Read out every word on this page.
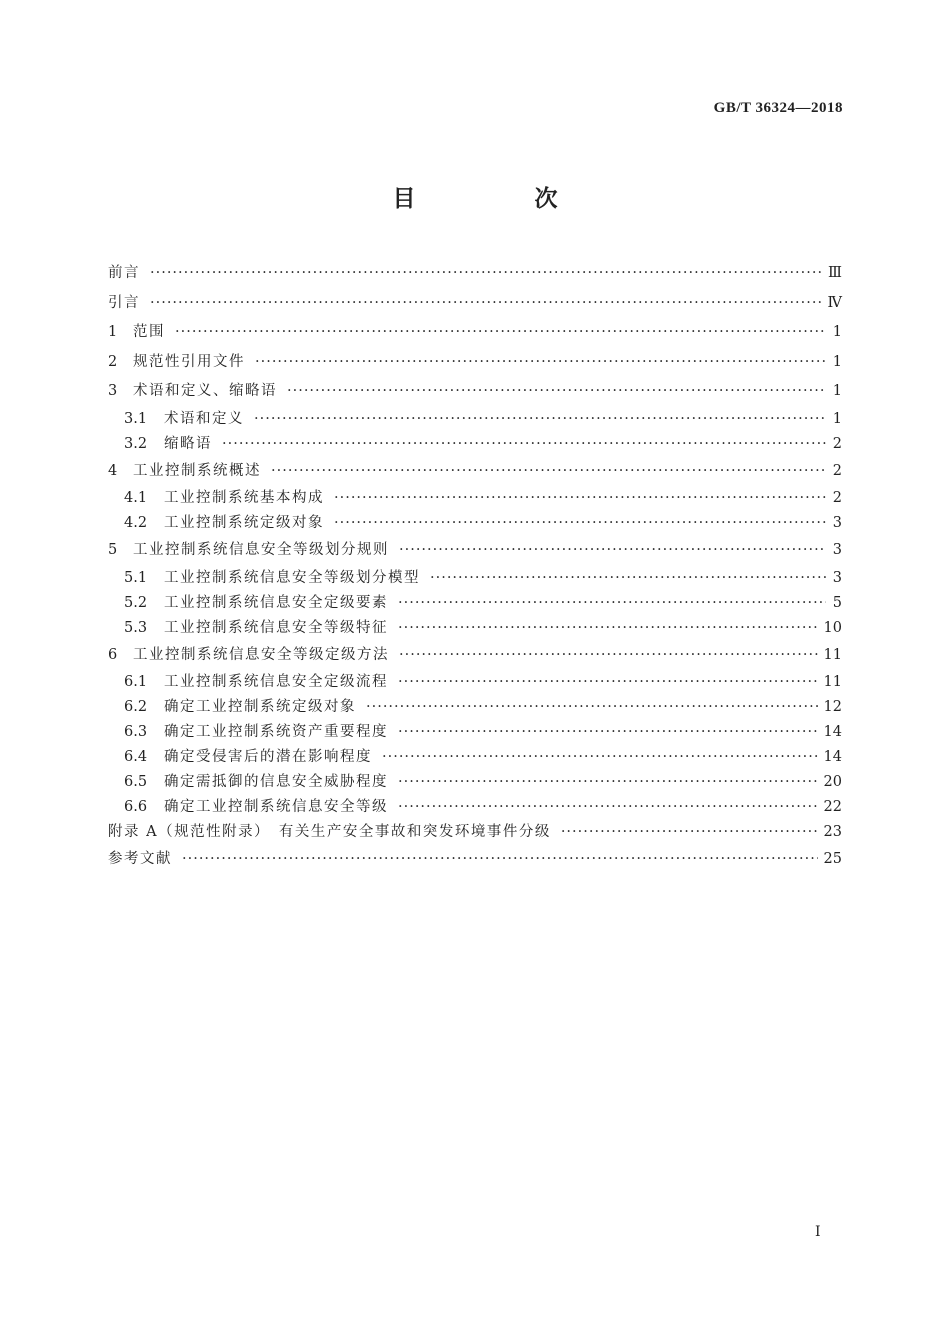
GB/T 36324—2018
目　次
前言 ·····	Ⅲ
引言 ·····	Ⅳ
1	范围 ·····	1
2	规范性引用文件 ·····	1
3	术语和定义、缩略语 ·····	1
3.1	术语和定义 ·····	1
3.2	缩略语 ·····	2
4	工业控制系统概述 ·····	2
4.1	工业控制系统基本构成 ·····	2
4.2	工业控制系统定级对象 ·····	3
5	工业控制系统信息安全等级划分规则 ·····	3
5.1	工业控制系统信息安全等级划分模型 ·····	3
5.2	工业控制系统信息安全定级要素 ·····	5
5.3	工业控制系统信息安全等级特征 ·····	10
6	工业控制系统信息安全等级定级方法 ·····	11
6.1	工业控制系统信息安全定级流程 ·····	11
6.2	确定工业控制系统定级对象 ·····	12
6.3	确定工业控制系统资产重要程度 ·····	14
6.4	确定受侵害后的潜在影响程度 ·····	14
6.5	确定需抵御的信息安全威胁程度 ·····	20
6.6	确定工业控制系统信息安全等级 ·····	22
附录 A（规范性附录）　有关生产安全事故和突发环境事件分级 ·····	23
参考文献 ·····	25
Ⅰ
